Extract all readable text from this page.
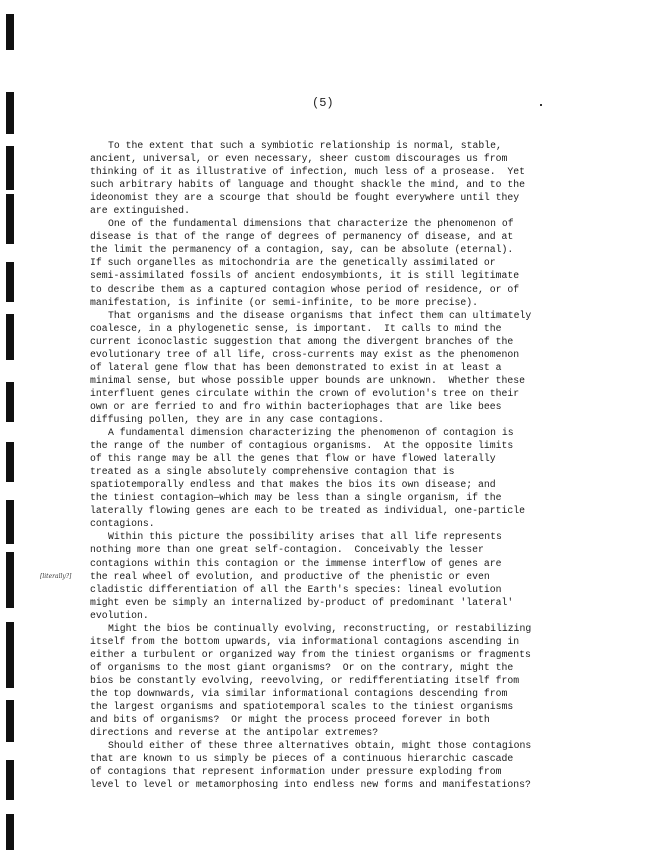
(5)
[literally?]
To the extent that such a symbiotic relationship is normal, stable,
ancient, universal, or even necessary, sheer custom discourages us from
thinking of it as illustrative of infection, much less of a prosease.  Yet
such arbitrary habits of language and thought shackle the mind, and to the
ideonomist they are a scourge that should be fought everywhere until they
are extinguished.
One of the fundamental dimensions that characterize the phenomenon of
disease is that of the range of degrees of permanency of disease, and at
the limit the permanency of a contagion, say, can be absolute (eternal).
If such organelles as mitochondria are the genetically assimilated or
semi-assimilated fossils of ancient endosymbionts, it is still legitimate
to describe them as a captured contagion whose period of residence, or of
manifestation, is infinite (or semi-infinite, to be more precise).
That organisms and the disease organisms that infect them can ultimately
coalesce, in a phylogenetic sense, is important.  It calls to mind the
current iconoclastic suggestion that among the divergent branches of the
evolutionary tree of all life, cross-currents may exist as the phenomenon
of lateral gene flow that has been demonstrated to exist in at least a
minimal sense, but whose possible upper bounds are unknown.  Whether these
interfluent genes circulate within the crown of evolution's tree on their
own or are ferried to and fro within bacteriophages that are like bees
diffusing pollen, they are in any case contagions.
A fundamental dimension characterizing the phenomenon of contagion is
the range of the number of contagious organisms.  At the opposite limits
of this range may be all the genes that flow or have flowed laterally
treated as a single absolutely comprehensive contagion that is
spatiotemporally endless and that makes the bios its own disease; and
the tiniest contagion—which may be less than a single organism, if the
laterally flowing genes are each to be treated as individual, one-particle
contagions.
Within this picture the possibility arises that all life represents
nothing more than one great self-contagion.  Conceivably the lesser
contagions within this contagion or the immense interflow of genes are
the real wheel of evolution, and productive of the phenistic or even
cladistic differentiation of all the Earth's species: lineal evolution
might even be simply an internalized by-product of predominant 'lateral'
evolution.
Might the bios be continually evolving, reconstructing, or restabilizing
itself from the bottom upwards, via informational contagions ascending in
either a turbulent or organized way from the tiniest organisms or fragments
of organisms to the most giant organisms?  Or on the contrary, might the
bios be constantly evolving, reevolving, or redifferentiating itself from
the top downwards, via similar informational contagions descending from
the largest organisms and spatiotemporal scales to the tiniest organisms
and bits of organisms?  Or might the process proceed forever in both
directions and reverse at the antipolar extremes?
Should either of these three alternatives obtain, might those contagions
that are known to us simply be pieces of a continuous hierarchic cascade
of contagions that represent information under pressure exploding from
level to level or metamorphosing into endless new forms and manifestations?
